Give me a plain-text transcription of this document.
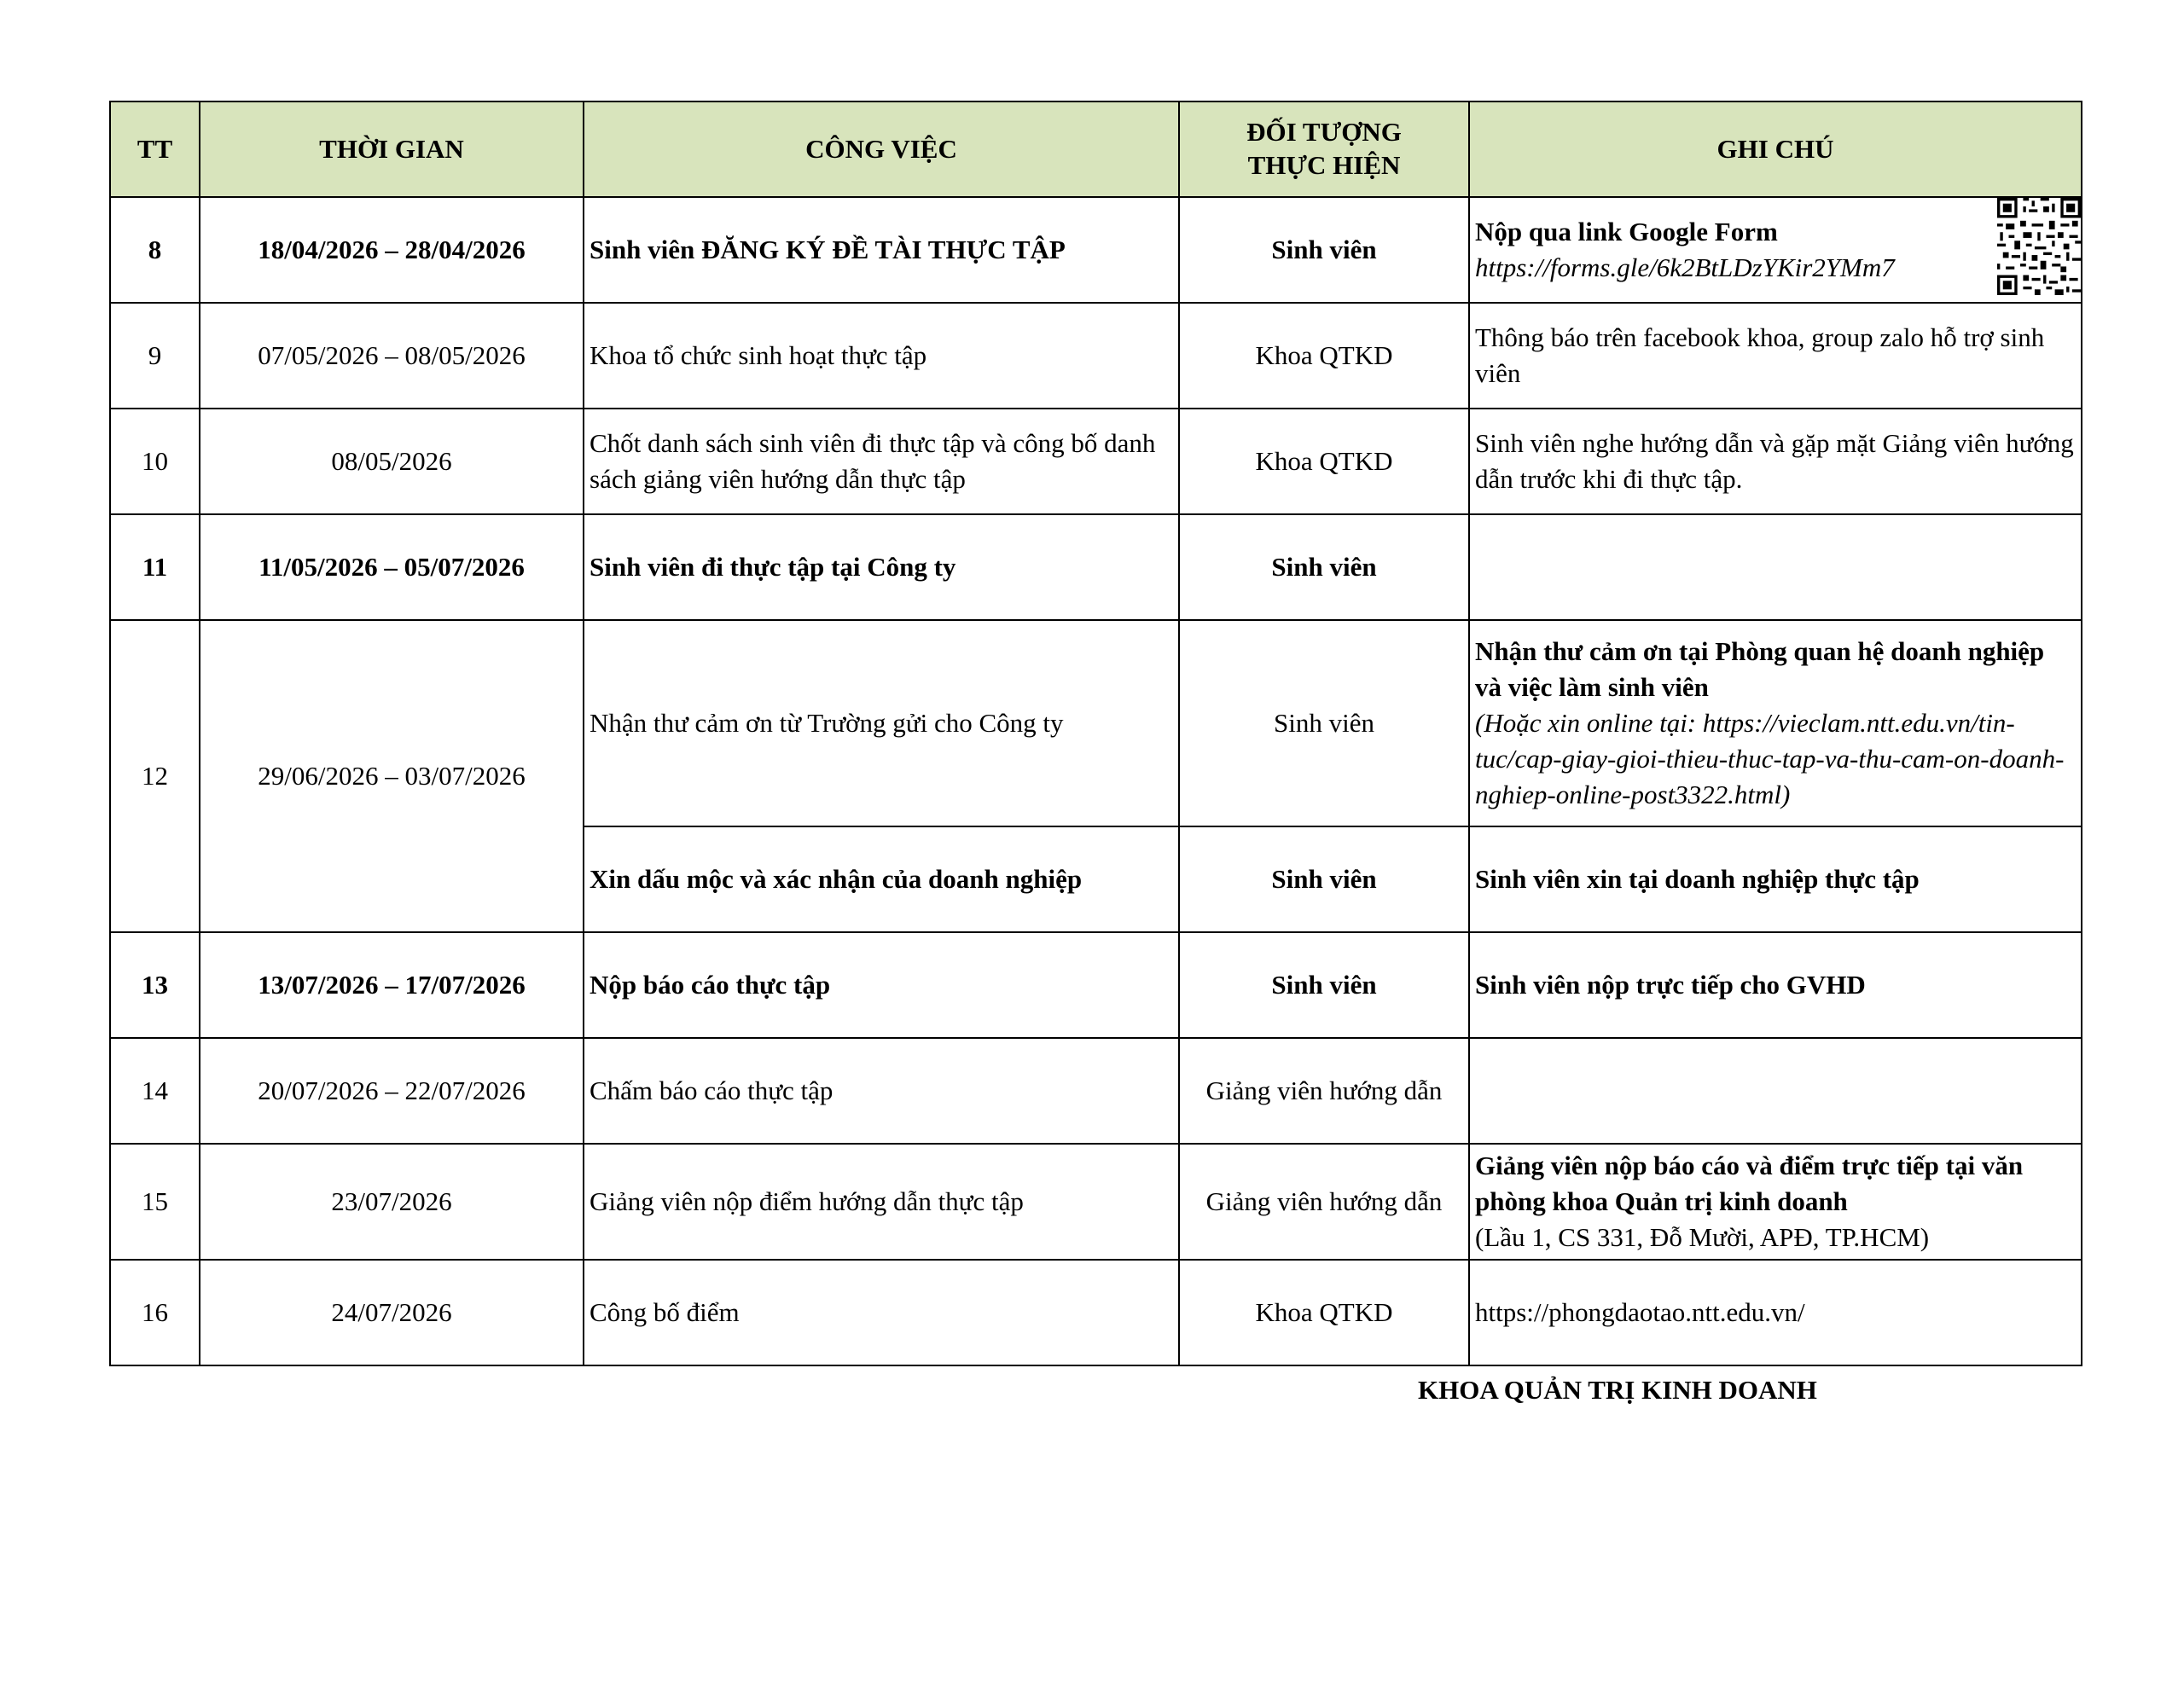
TT	THỜI GIAN	CÔNG VIỆC	ĐỐI TƯỢNG THỰC HIỆN	GHI CHÚ
8	18/04/2026 – 28/04/2026	Sinh viên ĐĂNG KÝ ĐỀ TÀI THỰC TẬP	Sinh viên	Nộp qua link Google Form
https://forms.gle/6k2BtLDzYKir2YMm7

9	07/05/2026 – 08/05/2026	Khoa tổ chức sinh hoạt thực tập	Khoa QTKD	Thông báo trên facebook khoa, group zalo hỗ trợ sinh viên
10	08/05/2026	Chốt danh sách sinh viên đi thực tập và công bố danh sách giảng viên hướng dẫn thực tập	Khoa QTKD	Sinh viên nghe hướng dẫn và gặp mặt Giảng viên hướng dẫn trước khi đi thực tập.
11	11/05/2026 – 05/07/2026	Sinh viên đi thực tập tại Công ty	Sinh viên	
12	29/06/2026 – 03/07/2026	Nhận thư cảm ơn từ Trường gửi cho Công ty	Sinh viên	Nhận thư cảm ơn tại Phòng quan hệ doanh nghiệp và việc làm sinh viên
(Hoặc xin online tại: https://vieclam.ntt.edu.vn/tin-tuc/cap-giay-gioi-thieu-thuc-tap-va-thu-cam-on-doanh-nghiep-online-post3322.html)

		Xin dấu mộc và xác nhận của doanh nghiệp	Sinh viên	Sinh viên xin tại doanh nghiệp thực tập
13	13/07/2026 – 17/07/2026	Nộp báo cáo thực tập	Sinh viên	Sinh viên nộp trực tiếp cho GVHD
14	20/07/2026 – 22/07/2026	Chấm báo cáo thực tập	Giảng viên hướng dẫn	
15	23/07/2026	Giảng viên nộp điểm hướng dẫn thực tập	Giảng viên hướng dẫn	Giảng viên nộp báo cáo và điểm trực tiếp tại văn phòng khoa Quản trị kinh doanh
(Lầu 1, CS 331, Đỗ Mười, APĐ, TP.HCM)

16	24/07/2026	Công bố điểm	Khoa QTKD	https://phongdaotao.ntt.edu.vn/
KHOA QUẢN TRỊ KINH DOANH
